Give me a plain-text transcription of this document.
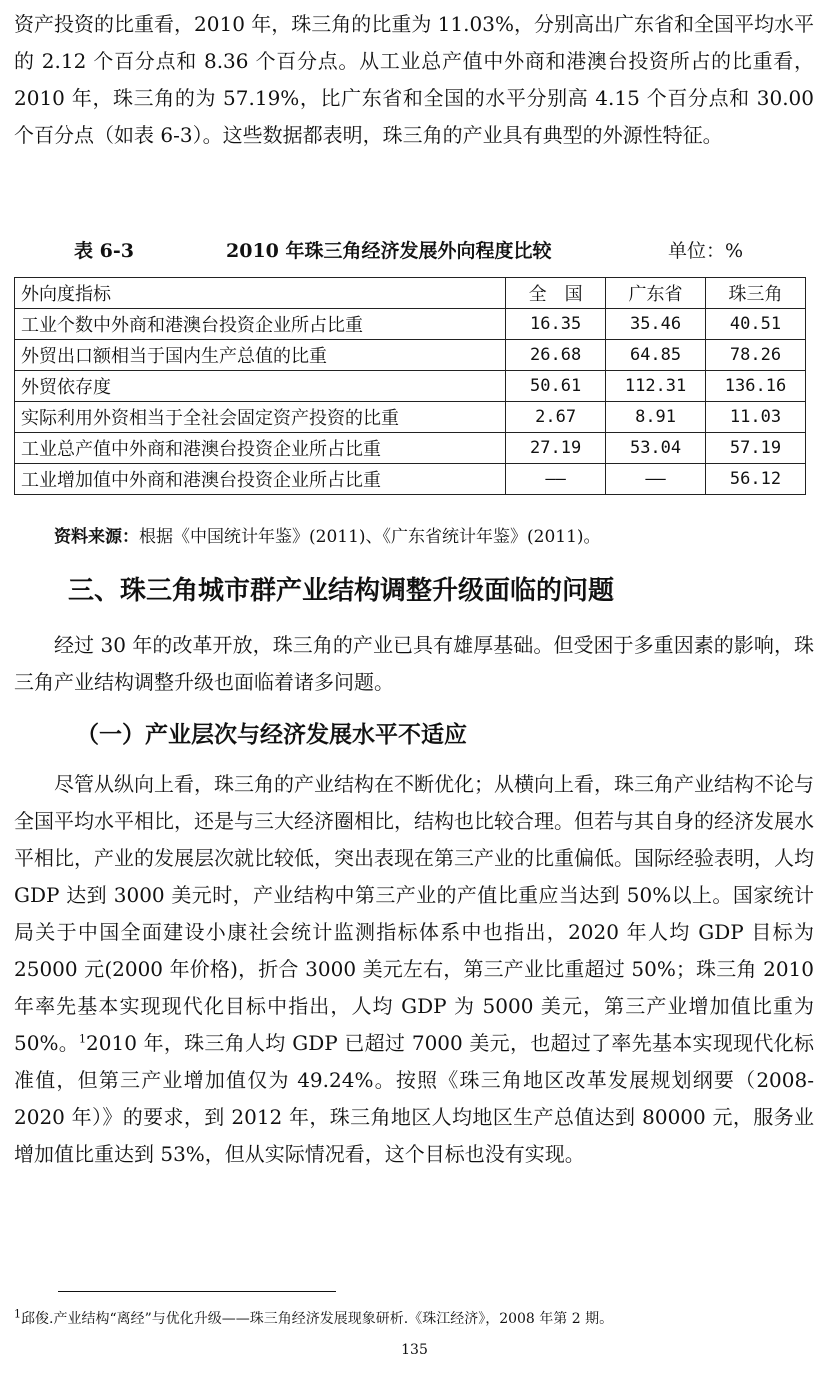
资产投资的比重看，2010 年，珠三角的比重为 11.03%，分别高出广东省和全国平均水平的 2.12 个百分点和 8.36 个百分点。从工业总产值中外商和港澳台投资所占的比重看，2010 年，珠三角的为 57.19%，比广东省和全国的水平分别高 4.15 个百分点和 30.00 个百分点（如表 6-3）。这些数据都表明，珠三角的产业具有典型的外源性特征。

表 6-3	2010 年珠三角经济发展外向程度比较	单位：%
外向度指标	全　国	广东省	珠三角
工业个数中外商和港澳台投资企业所占比重	16.35	35.46	40.51
外贸出口额相当于国内生产总值的比重	26.68	64.85	78.26
外贸依存度	50.61	112.31	136.16
实际利用外资相当于全社会固定资产投资的比重	2.67	8.91	11.03
工业总产值中外商和港澳台投资企业所占比重	27.19	53.04	57.19
工业增加值中外商和港澳台投资企业所占比重	——	——	56.12
资料来源：根据《中国统计年鉴》(2011)、《广东省统计年鉴》(2011)。
三、珠三角城市群产业结构调整升级面临的问题

经过 30 年的改革开放，珠三角的产业已具有雄厚基础。但受困于多重因素的影响，珠三角产业结构调整升级也面临着诸多问题。

（一）产业层次与经济发展水平不适应

尽管从纵向上看，珠三角的产业结构在不断优化；从横向上看，珠三角产业结构不论与全国平均水平相比，还是与三大经济圈相比，结构也比较合理。但若与其自身的经济发展水平相比，产业的发展层次就比较低，突出表现在第三产业的比重偏低。国际经验表明，人均 GDP 达到 3000 美元时，产业结构中第三产业的产值比重应当达到 50%以上。国家统计局关于中国全面建设小康社会统计监测指标体系中也指出，2020 年人均 GDP 目标为 25000 元(2000 年价格)，折合 3000 美元左右，第三产业比重超过 50%；珠三角 2010 年率先基本实现现代化目标中指出，人均 GDP 为 5000 美元，第三产业增加值比重为 50%。$^1$2010 年，珠三角人均 GDP 已超过 7000 美元，也超过了率先基本实现现代化标准值，但第三产业增加值仅为 49.24%。按照《珠三角地区改革发展规划纲要（2008-2020 年）》的要求，到 2012 年，珠三角地区人均地区生产总值达到 80000 元，服务业增加值比重达到 53%，但从实际情况看，这个目标也没有实现。

$^1$邱俊.产业结构“离经”与优化升级——珠三角经济发展现象研析.《珠江经济》，2008 年第 2 期。
135
